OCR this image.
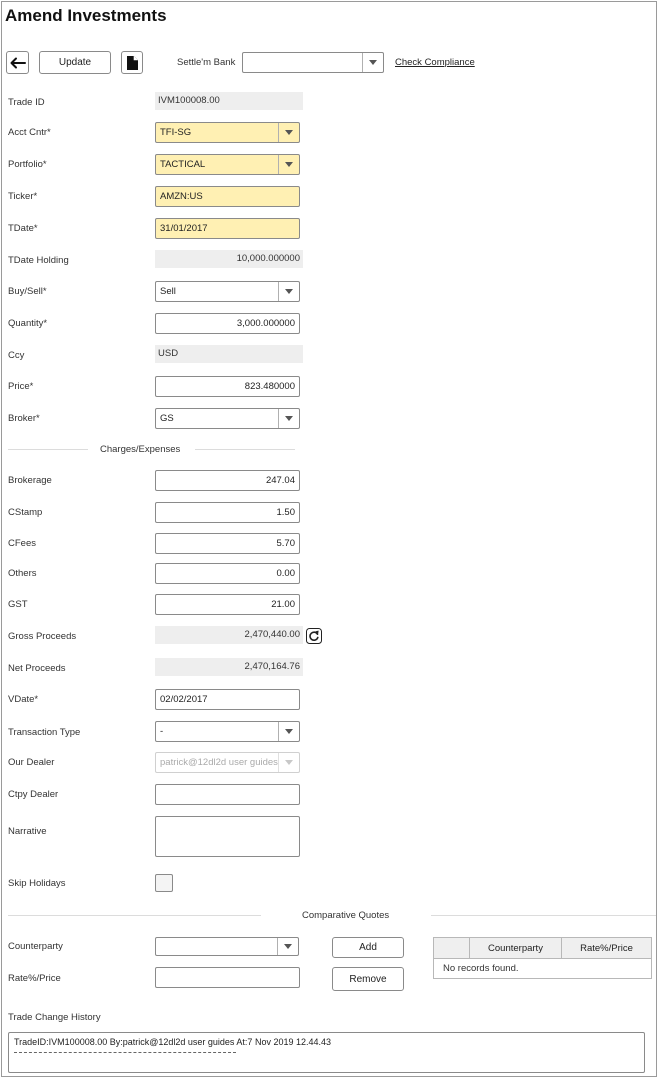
Amend Investments
Update	Settle'm Bank	Check Compliance
Trade ID	IVM100008.00
Acct Cntr*	TFI-SG
Portfolio*	TACTICAL
Ticker*	AMZN:US
TDate*	31/01/2017
TDate Holding	10,000.000000
Buy/Sell*	Sell
Quantity*	3,000.000000
Ccy	USD
Price*	823.480000
Broker*	GS
Charges/Expenses
Brokerage	247.04
CStamp	1.50
CFees	5.70
Others	0.00
GST	21.00
Gross Proceeds	2,470,440.00
Net Proceeds	2,470,164.76
VDate*	02/02/2017
Transaction Type	-
Our Dealer	patrick@12dl2d user guides
Ctpy Dealer
Narrative
Skip Holidays
Comparative Quotes
Counterparty
Rate%/Price
Add
Remove
Counterparty	Rate%/Price
No records found.
Trade Change History
TradeID:IVM100008.00 By:patrick@12dl2d user guides At:7 Nov 2019 12.44.43
